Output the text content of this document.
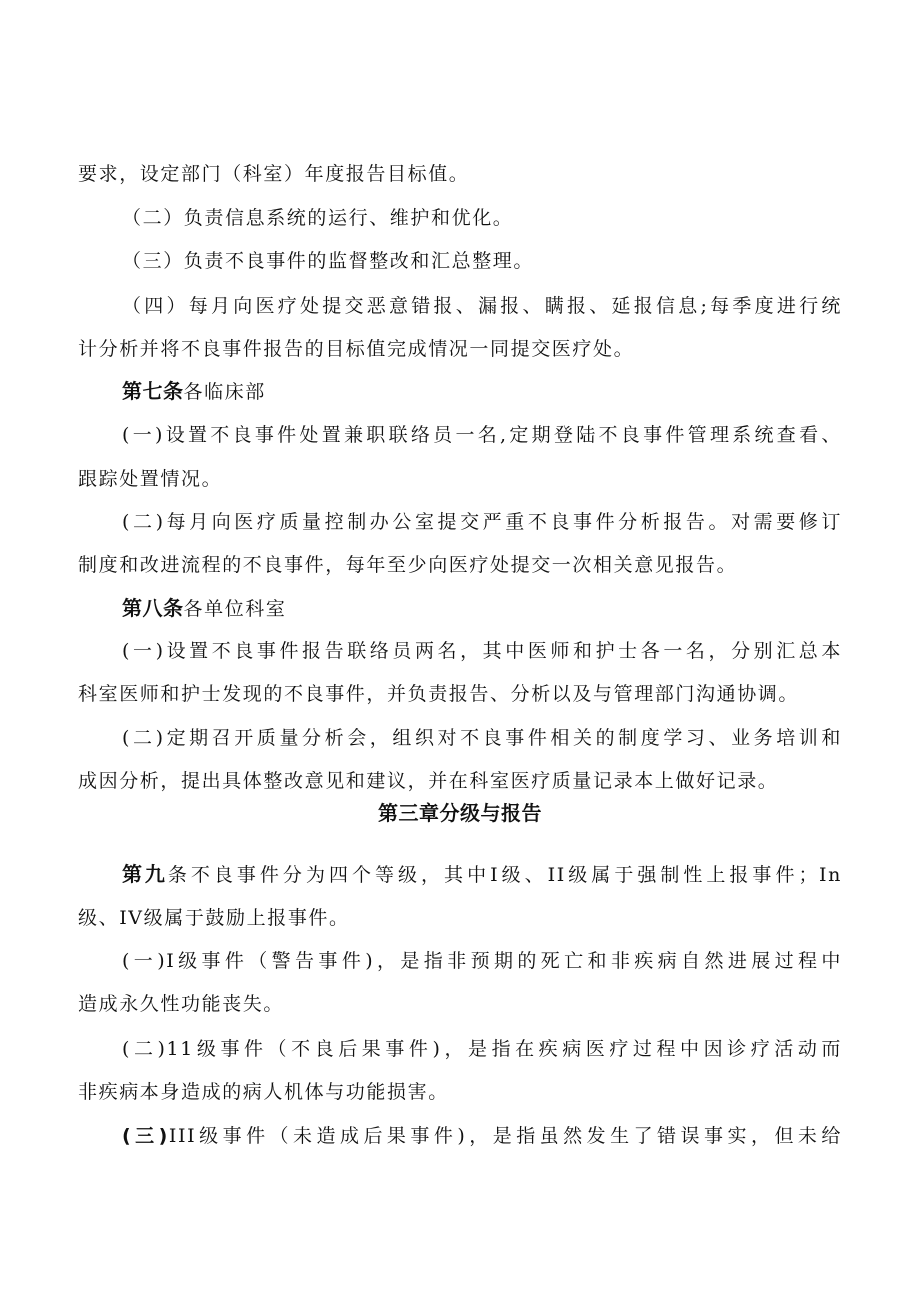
要求，设定部门（科室）年度报告目标值。
（二）负责信息系统的运行、维护和优化。
（三）负责不良事件的监督整改和汇总整理。
（四）每月向医疗处提交恶意错报、漏报、瞒报、延报信息;每季度进行统
计分析并将不良事件报告的目标值完成情况一同提交医疗处。
第七条各临床部
(一)设置不良事件处置兼职联络员一名,定期登陆不良事件管理系统查看、
跟踪处置情况。
(二)每月向医疗质量控制办公室提交严重不良事件分析报告。对需要修订
制度和改进流程的不良事件，每年至少向医疗处提交一次相关意见报告。
第八条各单位科室
(一)设置不良事件报告联络员两名，其中医师和护士各一名，分别汇总本
科室医师和护士发现的不良事件，并负责报告、分析以及与管理部门沟通协调。
(二)定期召开质量分析会，组织对不良事件相关的制度学习、业务培训和
成因分析，提出具体整改意见和建议，并在科室医疗质量记录本上做好记录。
第三章分级与报告
第九条不良事件分为四个等级，其中I级、II级属于强制性上报事件；In
级、IV级属于鼓励上报事件。
(一)I级事件（警告事件)，是指非预期的死亡和非疾病自然进展过程中
造成永久性功能丧失。
(二)11级事件（不良后果事件)，是指在疾病医疗过程中因诊疗活动而
非疾病本身造成的病人机体与功能损害。
(三)III级事件（未造成后果事件)，是指虽然发生了错误事实，但未给
